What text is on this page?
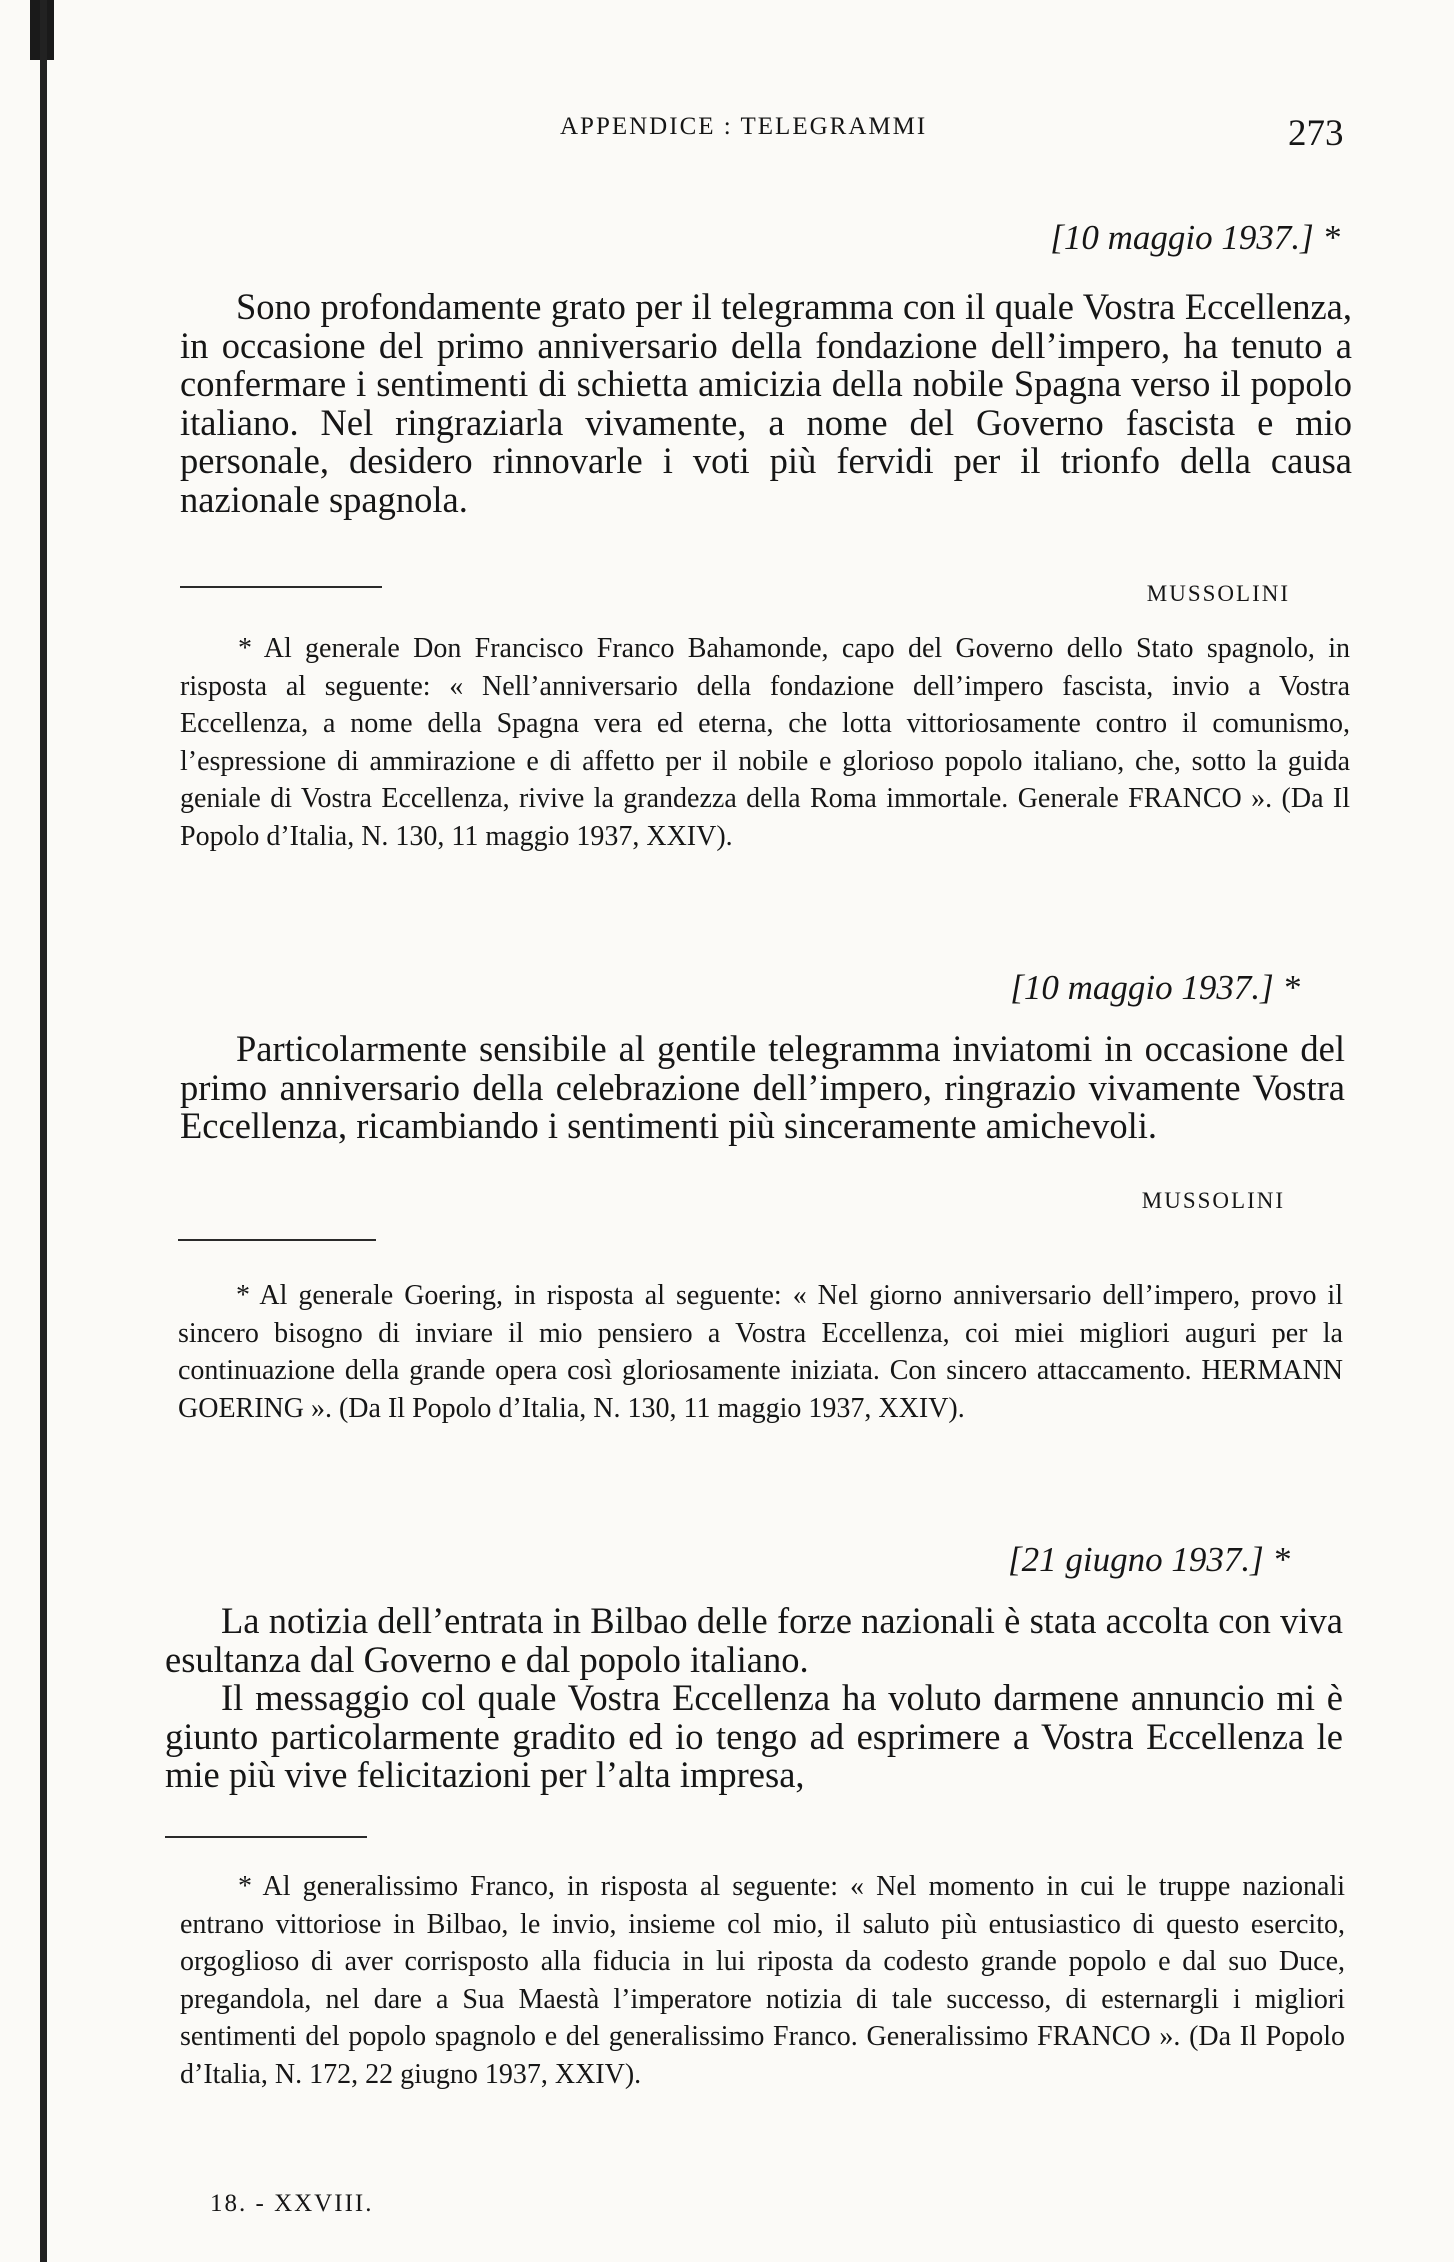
APPENDICE : TELEGRAMMI	273
[10 maggio 1937.] *

Sono profondamente grato per il telegramma con il quale Vostra Eccellenza, in occasione del primo anniversario della fondazione dell’impero, ha tenuto a confermare i sentimenti di schietta amicizia della nobile Spagna verso il popolo italiano. Nel ringraziarla vivamente, a nome del Governo fascista e mio personale, desidero rinnovarle i voti più fervidi per il trionfo della causa nazionale spagnola.

MUSSOLINI

* Al generale Don Francisco Franco Bahamonde, capo del Governo dello Stato spagnolo, in risposta al seguente: « Nell’anniversario della fondazione dell’impero fascista, invio a Vostra Eccellenza, a nome della Spagna vera ed eterna, che lotta vittoriosamente contro il comunismo, l’espressione di ammirazione e di affetto per il nobile e glorioso popolo italiano, che, sotto la guida geniale di Vostra Eccellenza, rivive la grandezza della Roma immortale. Generale FRANCO ». (Da Il Popolo d’Italia, N. 130, 11 maggio 1937, XXIV).

[10 maggio 1937.] *

Particolarmente sensibile al gentile telegramma inviatomi in occasione del primo anniversario della celebrazione dell’impero, ringrazio vivamente Vostra Eccellenza, ricambiando i sentimenti più sinceramente amichevoli.

MUSSOLINI

* Al generale Goering, in risposta al seguente: « Nel giorno anniversario dell’impero, provo il sincero bisogno di inviare il mio pensiero a Vostra Eccellenza, coi miei migliori auguri per la continuazione della grande opera così gloriosamente iniziata. Con sincero attaccamento. HERMANN GOERING ». (Da Il Popolo d’Italia, N. 130, 11 maggio 1937, XXIV).

[21 giugno 1937.] *

La notizia dell’entrata in Bilbao delle forze nazionali è stata accolta con viva esultanza dal Governo e dal popolo italiano.

Il messaggio col quale Vostra Eccellenza ha voluto darmene annuncio mi è giunto particolarmente gradito ed io tengo ad esprimere a Vostra Eccellenza le mie più vive felicitazioni per l’alta impresa,

* Al generalissimo Franco, in risposta al seguente: « Nel momento in cui le truppe nazionali entrano vittoriose in Bilbao, le invio, insieme col mio, il saluto più entusiastico di questo esercito, orgoglioso di aver corrisposto alla fiducia in lui riposta da codesto grande popolo e dal suo Duce, pregandola, nel dare a Sua Maestà l’imperatore notizia di tale successo, di esternargli i migliori sentimenti del popolo spagnolo e del generalissimo Franco. Generalissimo FRANCO ». (Da Il Popolo d’Italia, N. 172, 22 giugno 1937, XXIV).

18. - XXVIII.
